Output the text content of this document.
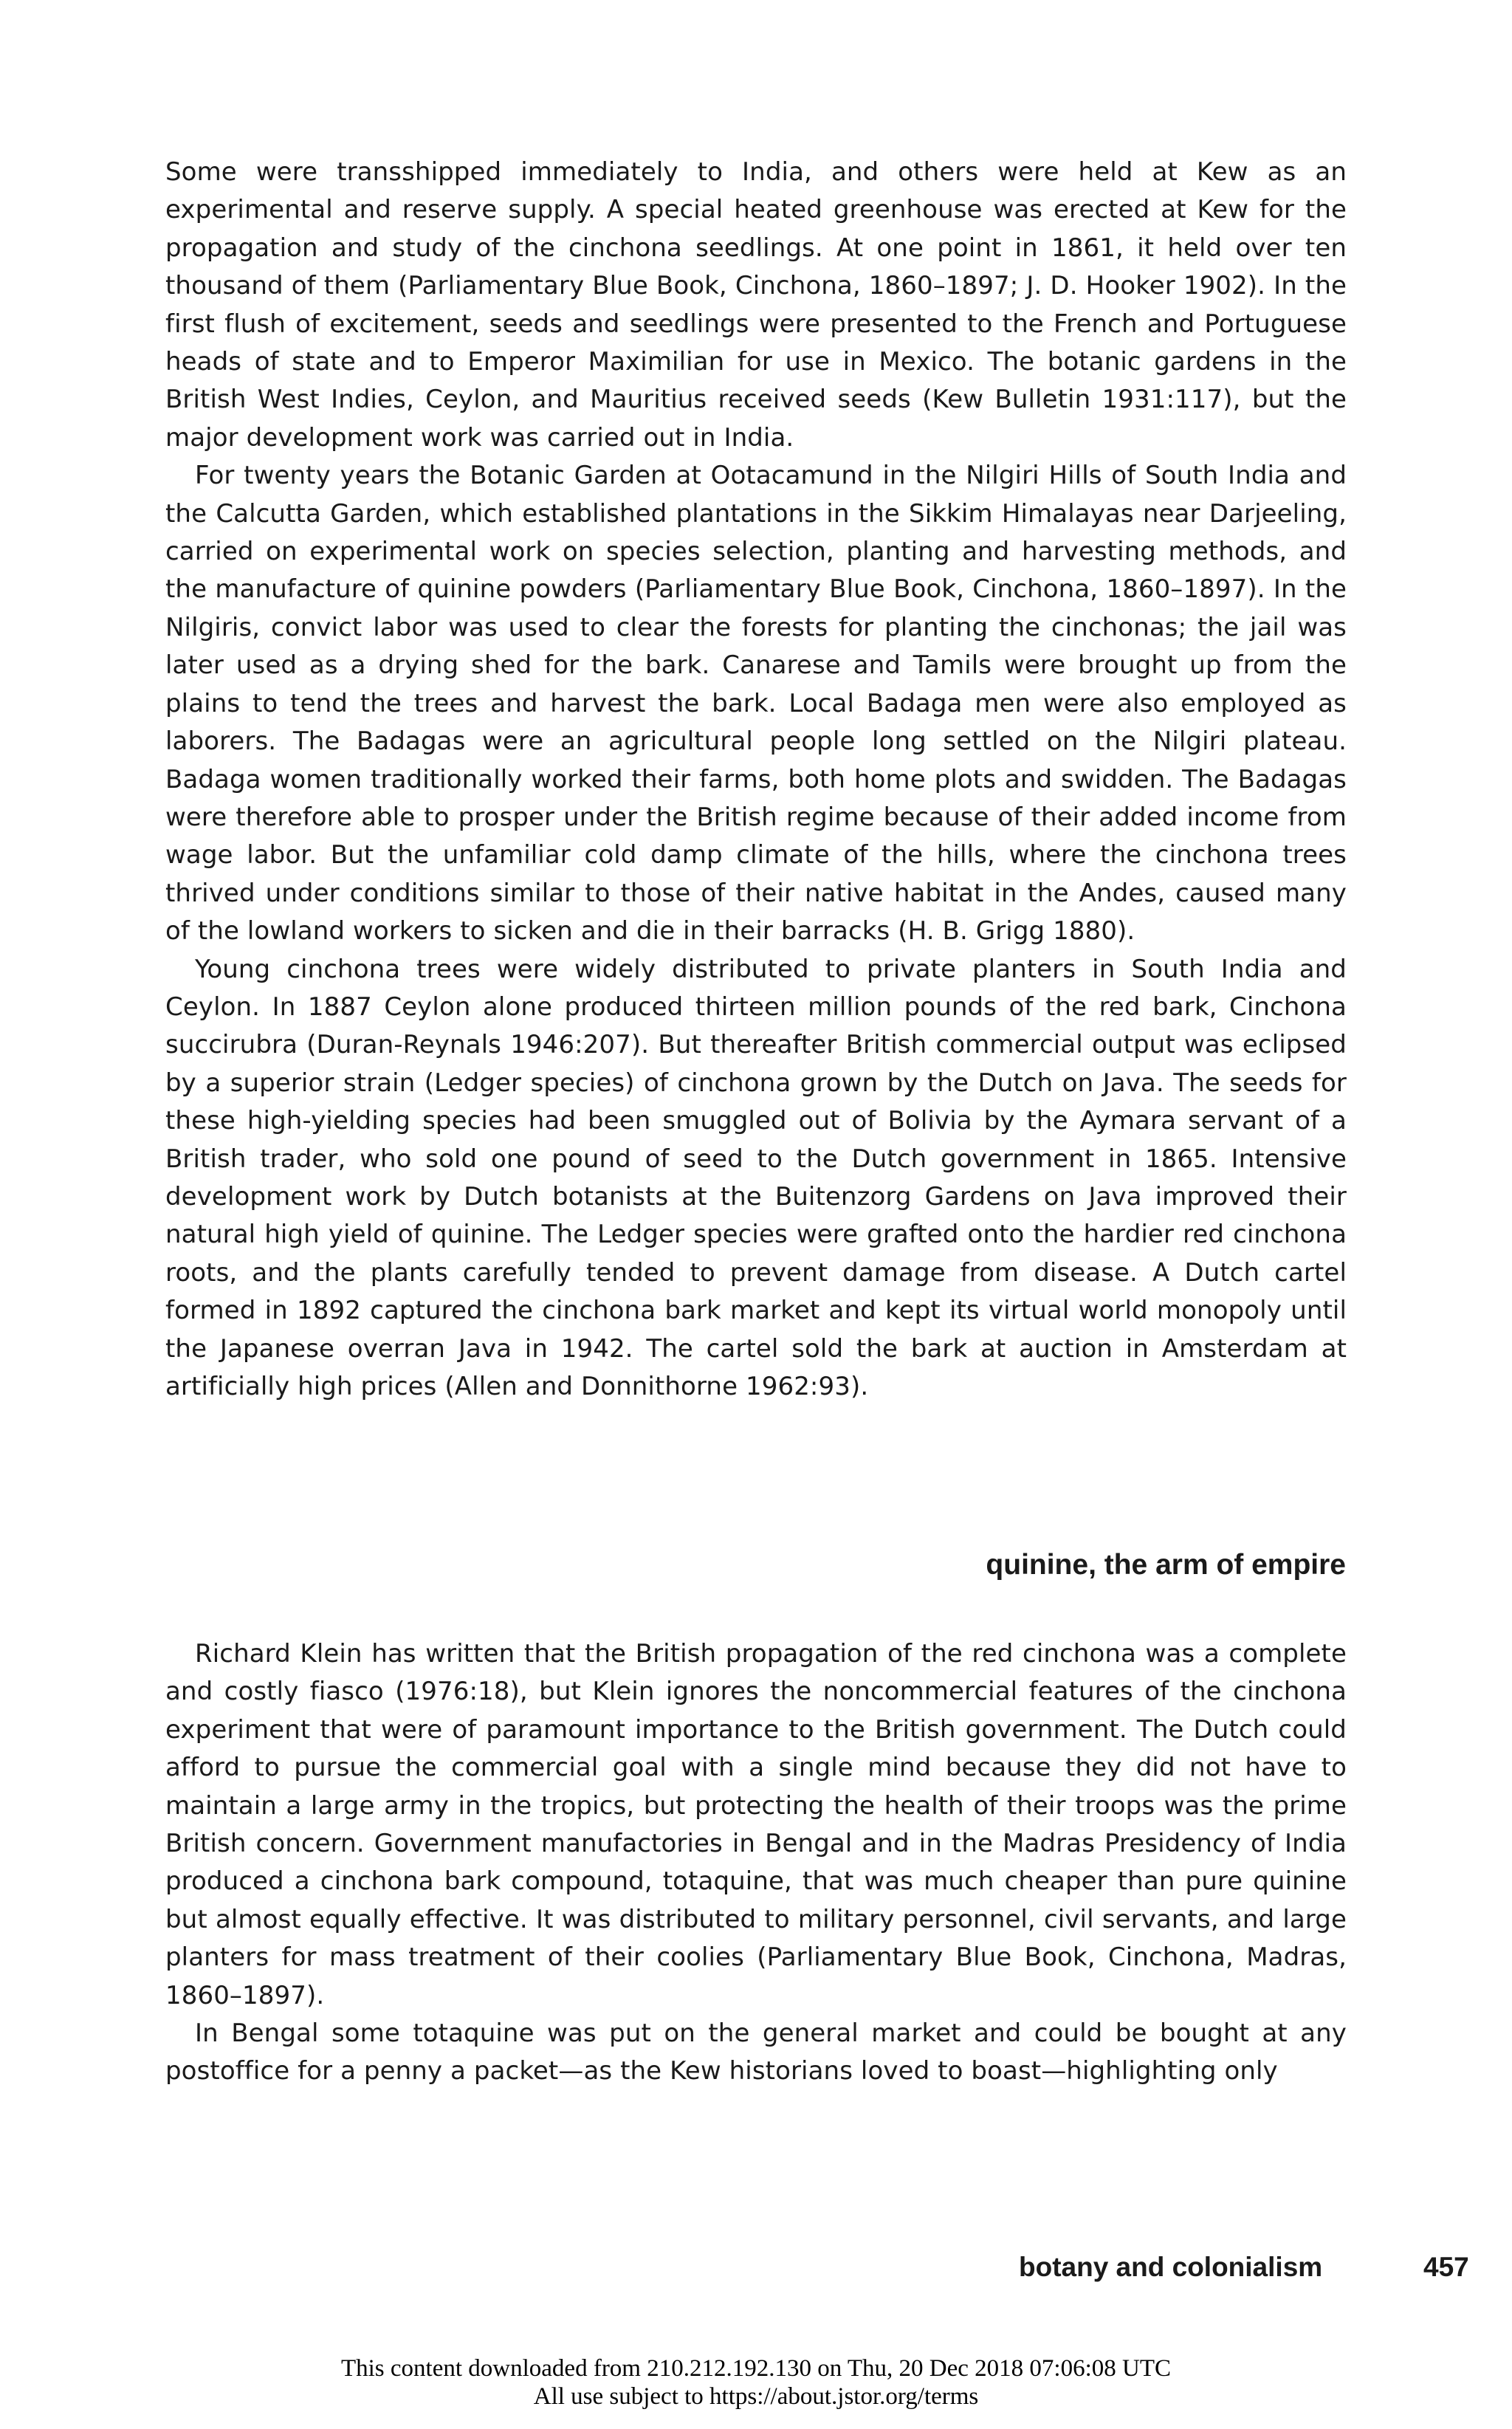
Some were transshipped immediately to India, and others were held at Kew as an experimental and reserve supply. A special heated greenhouse was erected at Kew for the propagation and study of the cinchona seedlings. At one point in 1861, it held over ten thousand of them (Parliamentary Blue Book, Cinchona, 1860–1897; J. D. Hooker 1902). In the first flush of excitement, seeds and seedlings were presented to the French and Portuguese heads of state and to Emperor Maximilian for use in Mexico. The botanic gardens in the British West Indies, Ceylon, and Mauritius received seeds (Kew Bulletin 1931:117), but the major development work was carried out in India.

For twenty years the Botanic Garden at Ootacamund in the Nilgiri Hills of South India and the Calcutta Garden, which established plantations in the Sikkim Himalayas near Darjeeling, carried on experimental work on species selection, planting and harvesting methods, and the manufacture of quinine powders (Parliamentary Blue Book, Cinchona, 1860–1897). In the Nilgiris, convict labor was used to clear the forests for planting the cinchonas; the jail was later used as a drying shed for the bark. Canarese and Tamils were brought up from the plains to tend the trees and harvest the bark. Local Badaga men were also employed as laborers. The Badagas were an agricultural people long settled on the Nilgiri plateau. Badaga women traditionally worked their farms, both home plots and swidden. The Badagas were therefore able to prosper under the British regime because of their added income from wage labor. But the unfamiliar cold damp climate of the hills, where the cinchona trees thrived under conditions similar to those of their native habitat in the Andes, caused many of the lowland workers to sicken and die in their barracks (H. B. Grigg 1880).

Young cinchona trees were widely distributed to private planters in South India and Ceylon. In 1887 Ceylon alone produced thirteen million pounds of the red bark, Cinchona succirubra (Duran-Reynals 1946:207). But thereafter British commercial output was eclipsed by a superior strain (Ledger species) of cinchona grown by the Dutch on Java. The seeds for these high-yielding species had been smuggled out of Bolivia by the Aymara servant of a British trader, who sold one pound of seed to the Dutch government in 1865. Intensive development work by Dutch botanists at the Buitenzorg Gardens on Java improved their natural high yield of quinine. The Ledger species were grafted onto the hardier red cinchona roots, and the plants carefully tended to prevent damage from disease. A Dutch cartel formed in 1892 captured the cinchona bark market and kept its virtual world monopoly until the Japanese overran Java in 1942. The cartel sold the bark at auction in Amsterdam at artificially high prices (Allen and Donnithorne 1962:93).

quinine, the arm of empire

Richard Klein has written that the British propagation of the red cinchona was a complete and costly fiasco (1976:18), but Klein ignores the noncommercial features of the cinchona experiment that were of paramount importance to the British government. The Dutch could afford to pursue the commercial goal with a single mind because they did not have to maintain a large army in the tropics, but protecting the health of their troops was the prime British concern. Government manufactories in Bengal and in the Madras Presidency of India produced a cinchona bark compound, totaquine, that was much cheaper than pure quinine but almost equally effective. It was distributed to military personnel, civil servants, and large planters for mass treatment of their coolies (Parliamentary Blue Book, Cinchona, Madras, 1860–1897).

In Bengal some totaquine was put on the general market and could be bought at any postoffice for a penny a packet—as the Kew historians loved to boast—highlighting only

botany and colonialism	457
This content downloaded from 210.212.192.130 on Thu, 20 Dec 2018 07:06:08 UTC
All use subject to https://about.jstor.org/terms
